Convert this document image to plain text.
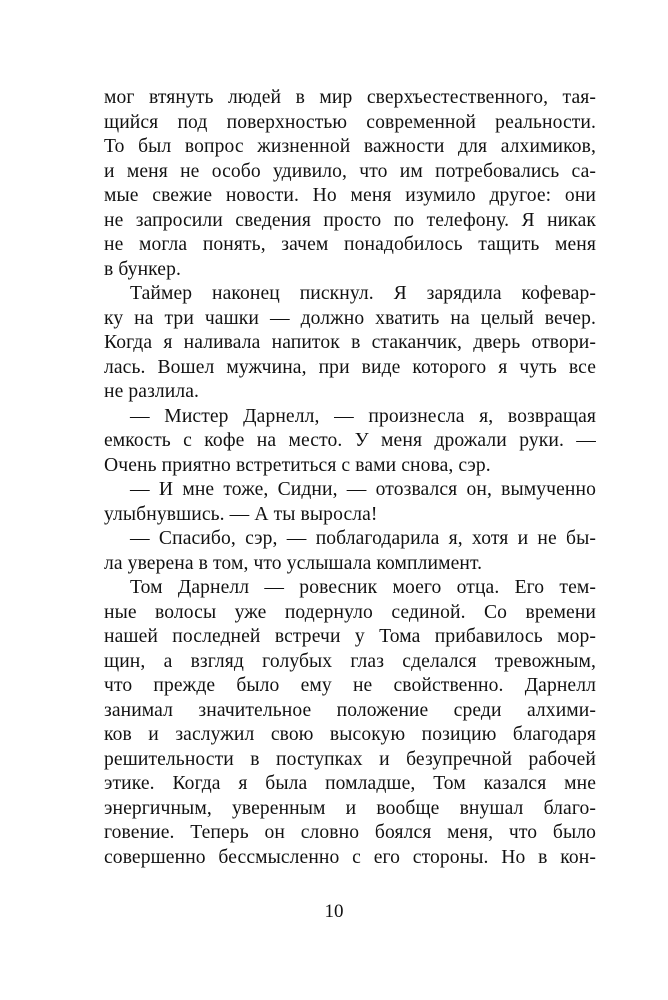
мог втянуть людей в мир сверхъестественного, тая-
щийся под поверхностью современной реальности.
То был вопрос жизненной важности для алхимиков,
и меня не особо удивило, что им потребовались са-
мые свежие новости. Но меня изумило другое: они
не запросили сведения просто по телефону. Я никак
не могла понять, зачем понадобилось тащить меня
в бункер.
Таймер наконец пискнул. Я зарядила кофевар-
ку на три чашки — должно хватить на целый вечер.
Когда я наливала напиток в стаканчик, дверь отвори-
лась. Вошел мужчина, при виде которого я чуть все
не разлила.
— Мистер Дарнелл, — произнесла я, возвращая
емкость с кофе на место. У меня дрожали руки. —
Очень приятно встретиться с вами снова, сэр.
— И мне тоже, Сидни, — отозвался он, вымученно
улыбнувшись. — А ты выросла!
— Спасибо, сэр, — поблагодарила я, хотя и не бы-
ла уверена в том, что услышала комплимент.
Том Дарнелл — ровесник моего отца. Его тем-
ные волосы уже подернуло сединой. Со времени
нашей последней встречи у Тома прибавилось мор-
щин, а взгляд голубых глаз сделался тревожным,
что прежде было ему не свойственно. Дарнелл
занимал значительное положение среди алхими-
ков и заслужил свою высокую позицию благодаря
решительности в поступках и безупречной рабочей
этике. Когда я была помладше, Том казался мне
энергичным, уверенным и вообще внушал благо-
говение. Теперь он словно боялся меня, что было
совершенно бессмысленно с его стороны. Но в кон-
10
